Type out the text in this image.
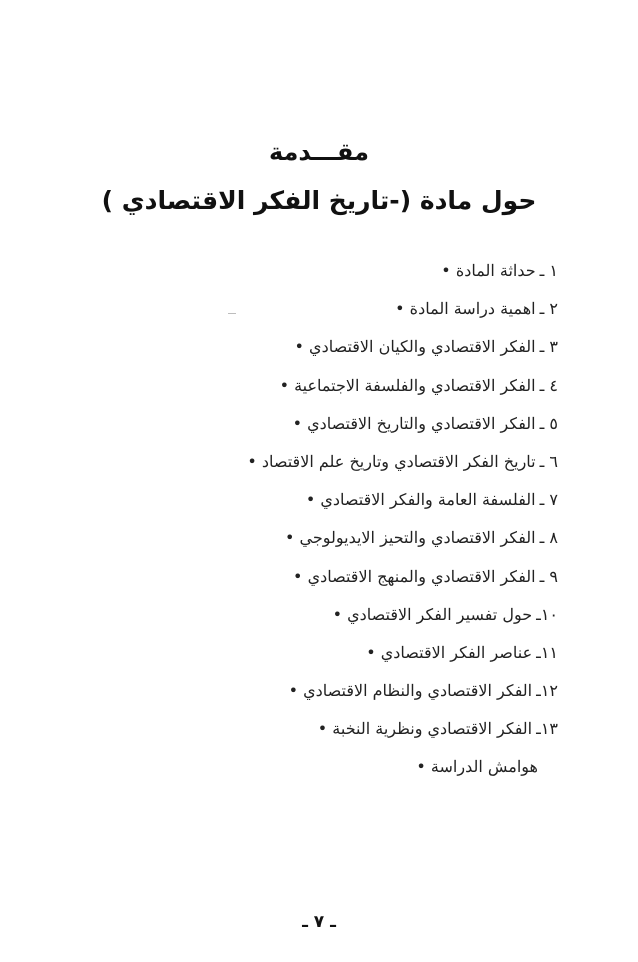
مقـــدمة
حول مادة (-تاريخ الفكر الاقتصادي )
١ ـحداثة المادة •
٢ ـاهمية دراسة المادة •
٣ ـالفكر الاقتصادي والكيان الاقتصادي •
٤ ـالفكر الاقتصادي والفلسفة الاجتماعية •
٥ ـالفكر الاقتصادي والتاريخ الاقتصادي •
٦ ـتاريخ الفكر الاقتصادي وتاريخ علم الاقتصاد •
٧ ـالفلسفة العامة والفكر الاقتصادي •
٨ ـالفكر الاقتصادي والتحيز الايديولوجي •
٩ ـالفكر الاقتصادي والمنهج الاقتصادي •
١٠ـحول تفسير الفكر الاقتصادي •
١١ـعناصر الفكر الاقتصادي •
١٢ـالفكر الاقتصادي والنظام الاقتصادي •
١٣ـالفكر الاقتصادي ونظرية النخبة •
هوامش الدراسة •
ـ ٧ ـ
